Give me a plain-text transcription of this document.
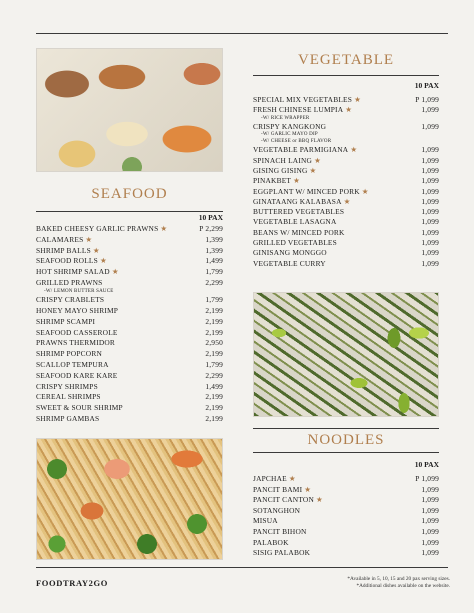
SEAFOOD
10 PAX
VEGETABLE
10 PAX
NOODLES
10 PAX
BAKED CHEESY GARLIC PRAWNS ★	P 2,299
CALAMARES ★	1,399
SHRIMP BALLS ★	1,399
SEAFOOD ROLLS ★	1,499
HOT SHRIMP SALAD ★	1,799
GRILLED PRAWNS	2,299
-W/ LEMON BUTTER SAUCE
CRISPY CRABLETS	1,799
HONEY MAYO SHRIMP	2,199
SHRIMP SCAMPI	2,199
SEAFOOD CASSEROLE	2,199
PRAWNS THERMIDOR	2,950
SHRIMP POPCORN	2,199
SCALLOP TEMPURA	1,799
SEAFOOD KARE KARE	2,299
CRISPY SHRIMPS	1,499
CEREAL SHRIMPS	2,199
SWEET & SOUR SHRIMP	2,199
SHRIMP GAMBAS	2,199
SPECIAL MIX VEGETABLES ★	P 1,099
FRESH CHINESE LUMPIA ★	1,099
-W/ RICE WRAPPER
CRISPY KANGKONG	1,099
-W/ GARLIC MAYO DIP
-W/ CHEESE or BBQ FLAVOR
VEGETABLE PARMIGIANA ★	1,099
SPINACH LAING ★	1,099
GISING GISING ★	1,099
PINAKBET ★	1,099
EGGPLANT W/ MINCED PORK ★	1,099
GINATAANG KALABASA ★	1,099
BUTTERED VEGETABLES	1,099
VEGETABLE LASAGNA	1,099
BEANS W/ MINCED PORK	1,099
GRILLED VEGETABLES	1,099
GINISANG MONGGO	1,099
VEGETABLE CURRY	1,099
JAPCHAE ★	P 1,099
PANCIT BAMI ★	1,099
PANCIT CANTON ★	1,099
SOTANGHON	1,099
MISUA	1,099
PANCIT BIHON	1,099
PALABOK	1,099
SISIG PALABOK	1,099
FOODTRAY2GO	*Available in 5, 10, 15 and 20 pax serving sizes.
*Additional dishes available on the website.
